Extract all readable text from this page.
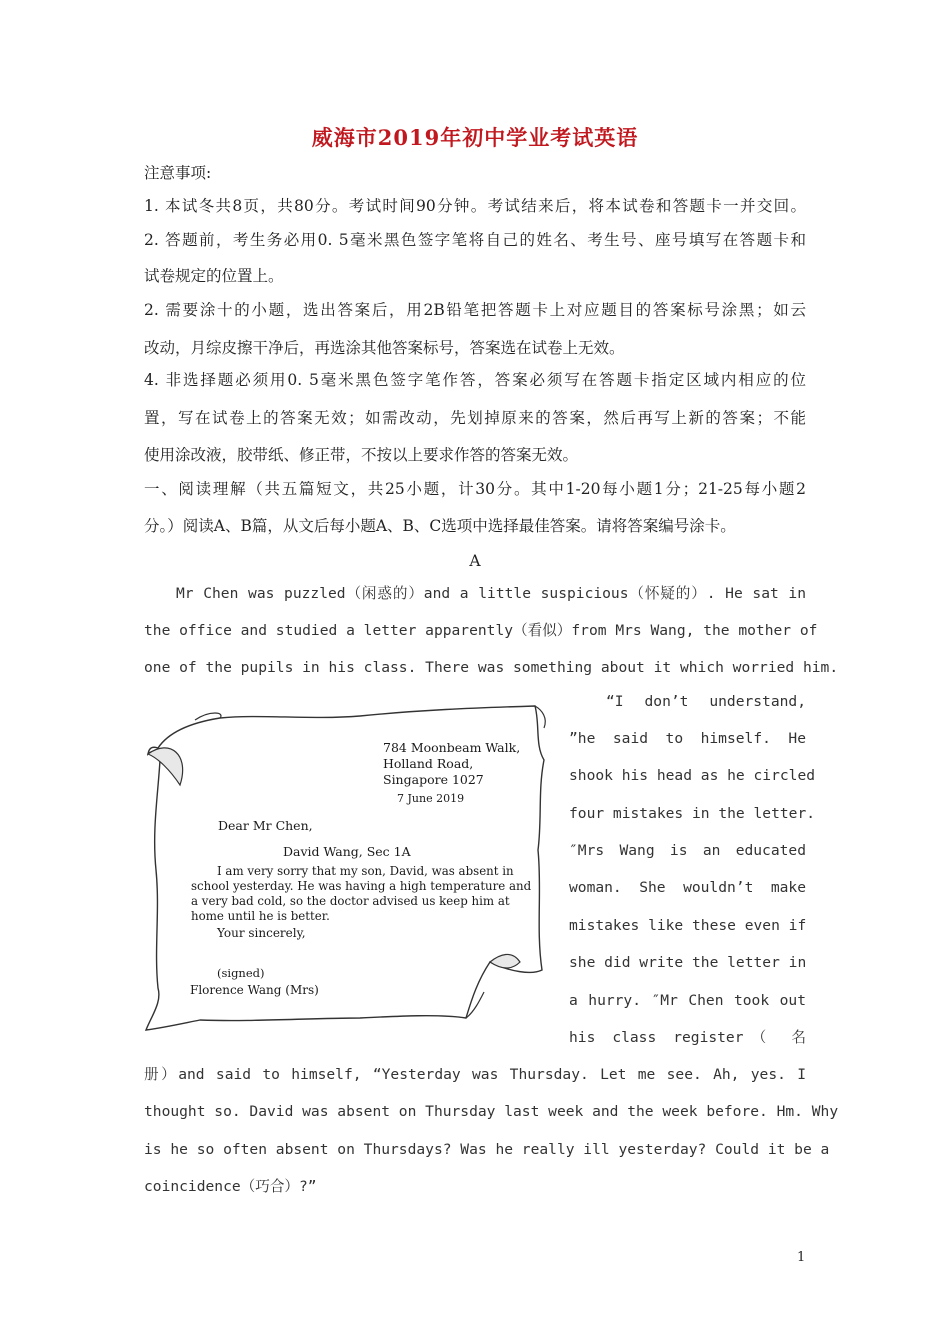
威海市2019年初中学业考试英语
注意事项:
1. 本试冬共8页，共80分。考试时间90分钟。考试结来后，将本试卷和答题卡一并交回。
2. 答题前，考生务必用0. 5毫米黑色签字笔将自己的姓名、考生号、座号填写在答题卡和
试卷规定的位置上。
2. 需要涂十的小题，选出答案后，用2B铅笔把答题卡上对应题目的答案标号涂黑；如云
改动，月综皮擦干净后，再选涂其他答案标号，答案选在试卷上无效。
4. 非选择题必须用0. 5毫米黑色签字笔作答，答案必须写在答题卡指定区域内相应的位
置，写在试卷上的答案无效；如需改动，先划掉原来的答案，然后再写上新的答案；不能
使用涂改液，胶带纸、修正带，不按以上要求作答的答案无效。
一、阅读理解（共五篇短文，共25小题，计30分。其中1-20每小题1分；21-25每小题2
分。）阅读A、B篇，从文后每小题A、B、C选项中选择最佳答案。请将答案编号涂卡。
A
Mr Chen was puzzled（闲惑的）and a little suspicious（怀疑的）. He sat in
the office and studied a letter apparently（看似）from Mrs Wang, the mother of
one of the pupils in his class. There was something about it which worried him.
“I don’t understand,
”he said to himself. He
shook his head as he circled
four mistakes in the letter.
″Mrs Wang is an educated
woman. She wouldn’t make
mistakes like these even if
she did write the letter in
a hurry. ″Mr Chen took out
his class register（ 名
册）and said to himself, “Yesterday was Thursday. Let me see. Ah, yes. I
thought so. David was absent on Thursday last week and the week before. Hm. Why
is he so often absent on Thursdays? Was he really ill yesterday? Could it be a
coincidence（巧合）?”
784 Moonbeam Walk,
Holland Road,
Singapore 1027
7 June 2019
Dear Mr Chen,
David Wang, Sec 1A
I am very sorry that my son, David, was absent in
school yesterday. He was having a high temperature and
a very bad cold, so the doctor advised us keep him at
home until he is better.
Your sincerely,
(signed)
Florence Wang (Mrs)
1
